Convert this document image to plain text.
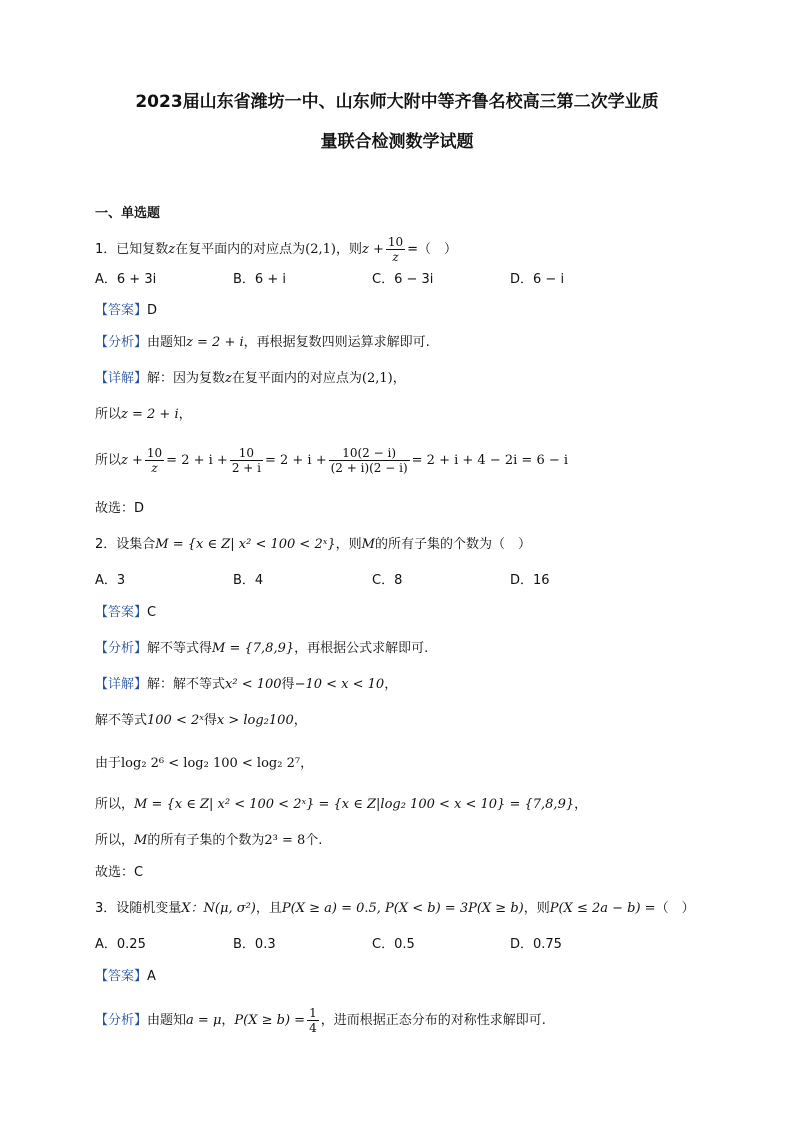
2023届山东省潍坊一中、山东师大附中等齐鲁名校高三第二次学业质
量联合检测数学试题
一、单选题
1．已知复数z在复平面内的对应点为(2,1)，则$z + \frac{10}{z}$ =（　）
A．6 + 3i	B．6 + i	C．6 − 3i	D．6 − i
【答案】D
【分析】由题知z = 2 + i，再根据复数四则运算求解即可.
【详解】解：因为复数z在复平面内的对应点为(2,1)，
所以z = 2 + i，
所以$z + \frac{10}{z} = 2 + i + \frac{10}{2 + i} = 2 + i + \frac{10(2 - i)}{(2 + i)(2 - i)} = 2 + i + 4 - 2i = 6 - i$
故选：D
2．设集合M = {x ∈ Z| x² < 100 < 2ˣ}，则M的所有子集的个数为（　）
A．3	B．4	C．8	D．16
【答案】C
【分析】解不等式得M = {7,8,9}，再根据公式求解即可.
【详解】解：解不等式x² < 100得−10 < x < 10，
解不等式100 < 2ˣ得x > log₂100，
由于log₂ 2⁶ < log₂ 100 < log₂ 2⁷，
所以，M = {x ∈ Z| x² < 100 < 2ˣ} = {x ∈ Z|log₂ 100 < x < 10} = {7,8,9}，
所以，M的所有子集的个数为2³ = 8个.
故选：C
3．设随机变量X：N(μ, σ²)，且P(X ≥ a) = 0.5, P(X < b) = 3P(X ≥ b)，则P(X ≤ 2a − b) =（　）
A．0.25	B．0.3	C．0.5	D．0.75
【答案】A
【分析】由题知a = μ，$P(X \ge b) = \frac{1}{4}$ ，进而根据正态分布的对称性求解即可.
